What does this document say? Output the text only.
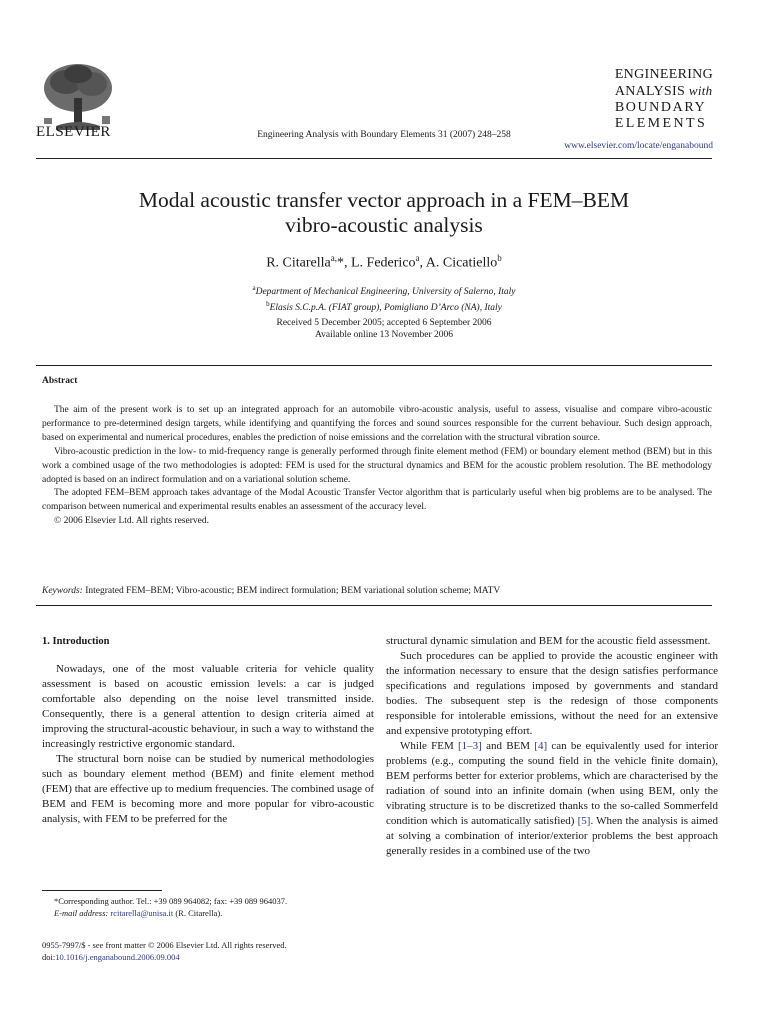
ELSEVIER	Engineering Analysis with Boundary Elements 31 (2007) 248–258
ENGINEERING
ANALYSIS with
BOUNDARY
ELEMENTS
www.elsevier.com/locate/enganabound
Modal acoustic transfer vector approach in a FEM–BEM
vibro-acoustic analysis
R. Citarella$^{a,}$*, L. Federico$^a$, A. Cicatiello$^b$
$^a$Department of Mechanical Engineering, University of Salerno, Italy
$^b$Elasis S.C.p.A. (FIAT group), Pomigliano D’Arco (NA), Italy
Received 5 December 2005; accepted 6 September 2006
Available online 13 November 2006
Abstract

The aim of the present work is to set up an integrated approach for an automobile vibro-acoustic analysis, useful to assess, visualise and compare vibro-acoustic performance to pre-determined design targets, while identifying and quantifying the forces and sound sources responsible for the current behaviour. Such design approach, based on experimental and numerical procedures, enables the prediction of noise emissions and the correlation with the structural vibration source.

Vibro-acoustic prediction in the low- to mid-frequency range is generally performed through finite element method (FEM) or boundary element method (BEM) but in this work a combined usage of the two methodologies is adopted: FEM is used for the structural dynamics and BEM for the acoustic problem resolution. The BE methodology adopted is based on an indirect formulation and on a variational solution scheme.

The adopted FEM–BEM approach takes advantage of the Modal Acoustic Transfer Vector algorithm that is particularly useful when big problems are to be analysed. The comparison between numerical and experimental results enables an assessment of the accuracy level.

© 2006 Elsevier Ltd. All rights reserved.

Keywords: Integrated FEM–BEM; Vibro-acoustic; BEM indirect formulation; BEM variational solution scheme; MATV
1. Introduction

Nowadays, one of the most valuable criteria for vehicle quality assessment is based on acoustic emission levels: a car is judged comfortable also depending on the noise level transmitted inside. Consequently, there is a general attention to design criteria aimed at improving the structural-acoustic behaviour, in such a way to withstand the increasingly restrictive ergonomic standard.

The structural born noise can be studied by numerical methodologies such as boundary element method (BEM) and finite element method (FEM) that are effective up to medium frequencies. The combined usage of BEM and FEM is becoming more and more popular for vibro-acoustic analysis, with FEM to be preferred for the

structural dynamic simulation and BEM for the acoustic field assessment.

Such procedures can be applied to provide the acoustic engineer with the information necessary to ensure that the design satisfies performance specifications and regulations imposed by governments and standard bodies. The subsequent step is the redesign of those components responsible for intolerable emissions, without the need for an extensive and expensive prototyping effort.

While FEM [1–3] and BEM [4] can be equivalently used for interior problems (e.g., computing the sound field in the vehicle finite domain), BEM performs better for exterior problems, which are characterised by the radiation of sound into an infinite domain (when using BEM, only the vibrating structure is to be discretized thanks to the so-called Sommerfeld condition which is automatically satisfied) [5]. When the analysis is aimed at solving a combination of interior/exterior problems the best approach generally resides in a combined use of the two

*Corresponding author. Tel.: +39 089 964082; fax: +39 089 964037.
E-mail address: rcitarella@unisa.it (R. Citarella).
0955-7997/$ - see front matter © 2006 Elsevier Ltd. All rights reserved.
doi:10.1016/j.enganabound.2006.09.004
